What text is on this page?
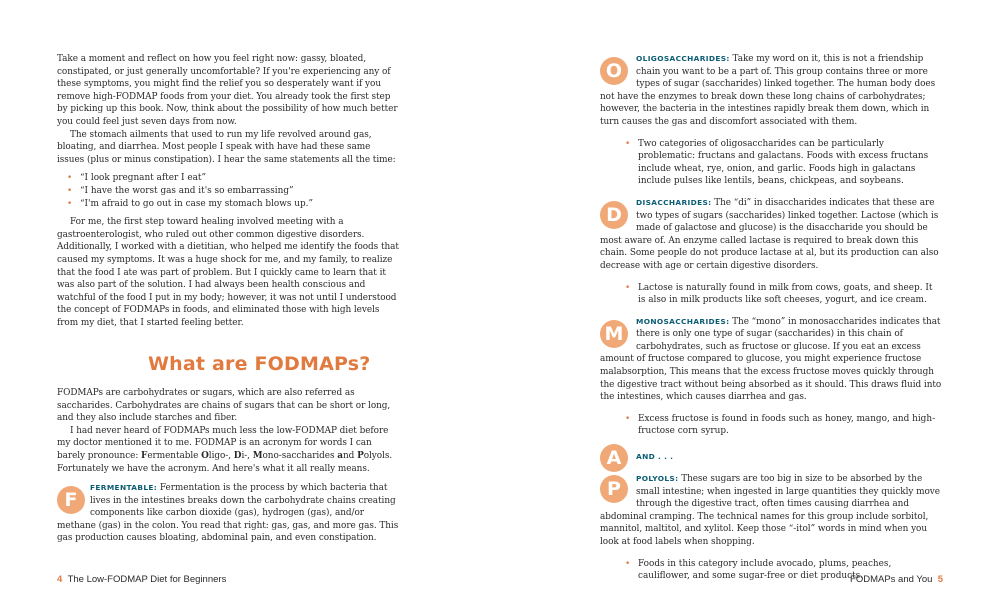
Take a moment and reflect on how you feel right now: gassy, bloated, constipated, or just generally uncomfortable? If you're experiencing any of these symptoms, you might find the relief you so desperately want if you remove high-FODMAP foods from your diet. You already took the first step by picking up this book. Now, think about the possibility of how much better you could feel just seven days from now.

The stomach ailments that used to run my life revolved around gas, bloating, and diarrhea. Most people I speak with have had these same issues (plus or minus constipation). I hear the same statements all the time:

• “I look pregnant after I eat”
• “I have the worst gas and it's so embarrassing”
• “I'm afraid to go out in case my stomach blows up.”

For me, the first step toward healing involved meeting with a gastroenterologist, who ruled out other common digestive disorders. Additionally, I worked with a dietitian, who helped me identify the foods that caused my symptoms. It was a huge shock for me, and my family, to realize that the food I ate was part of problem. But I quickly came to learn that it was also part of the solution. I had always been health conscious and watchful of the food I put in my body; however, it was not until I understood the concept of FODMAPs in foods, and eliminated those with high levels from my diet, that I started feeling better.

What are FODMAPs?

FODMAPs are carbohydrates or sugars, which are also referred as saccharides. Carbohydrates are chains of sugars that can be short or long, and they also include starches and fiber.

I had never heard of FODMAPs much less the low-FODMAP diet before my doctor mentioned it to me. FODMAP is an acronym for words I can barely pronounce: Fermentable Oligo-, Di-, Mono-saccharides and Polyols. Fortunately we have the acronym. And here's what it all really means.

F

FERMENTABLE: Fermentation is the process by which bacteria that lives in the intestines breaks down the carbohydrate chains creating components like carbon dioxide (gas), hydrogen (gas), and/or methane (gas) in the colon. You read that right: gas, gas, and more gas. This gas production causes bloating, abdominal pain, and even constipation.

4 The Low-FODMAP Diet for Beginners
O

OLIGOSACCHARIDES: Take my word on it, this is not a friendship chain you want to be a part of. This group contains three or more types of sugar (saccharides) linked together. The human body does not have the enzymes to break down these long chains of carbohydrates; however, the bacteria in the intestines rapidly break them down, which in turn causes the gas and discomfort associated with them.

• Two categories of oligosaccharides can be particularly problematic: fructans and galactans. Foods with excess fructans include wheat, rye, onion, and garlic. Foods high in galactans include pulses like lentils, beans, chickpeas, and soybeans.
D

DISACCHARIDES: The “di” in disaccharides indicates that these are two types of sugars (saccharides) linked together. Lactose (which is made of galactose and glucose) is the disaccharide you should be most aware of. An enzyme called lactase is required to break down this chain. Some people do not produce lactase at al, but its production can also decrease with age or certain digestive disorders.

• Lactose is naturally found in milk from cows, goats, and sheep. It is also in milk products like soft cheeses, yogurt, and ice cream.
M

MONOSACCHARIDES: The “mono” in monosaccharides indicates that there is only one type of sugar (saccharides) in this chain of carbohydrates, such as fructose or glucose. If you eat an excess amount of fructose compared to glucose, you might experience fructose malabsorption, This means that the excess fructose moves quickly through the digestive tract without being absorbed as it should. This draws fluid into the intestines, which causes diarrhea and gas.

• Excess fructose is found in foods such as honey, mango, and high-fructose corn syrup.
A	AND . . .
P	POLYOLS: These sugars are too big in size to be absorbed by the small intestine; when ingested in large quantities they quickly move through the digestive tract, often times causing diarrhea and abdominal cramping. The technical names for this group include sorbitol, mannitol, maltitol, and xylitol. Keep those “-itol” words in mind when you look at food labels when shopping.

• Foods in this category include avocado, plums, peaches, cauliflower, and some sugar-free or diet products.
FODMAPs and You 5
